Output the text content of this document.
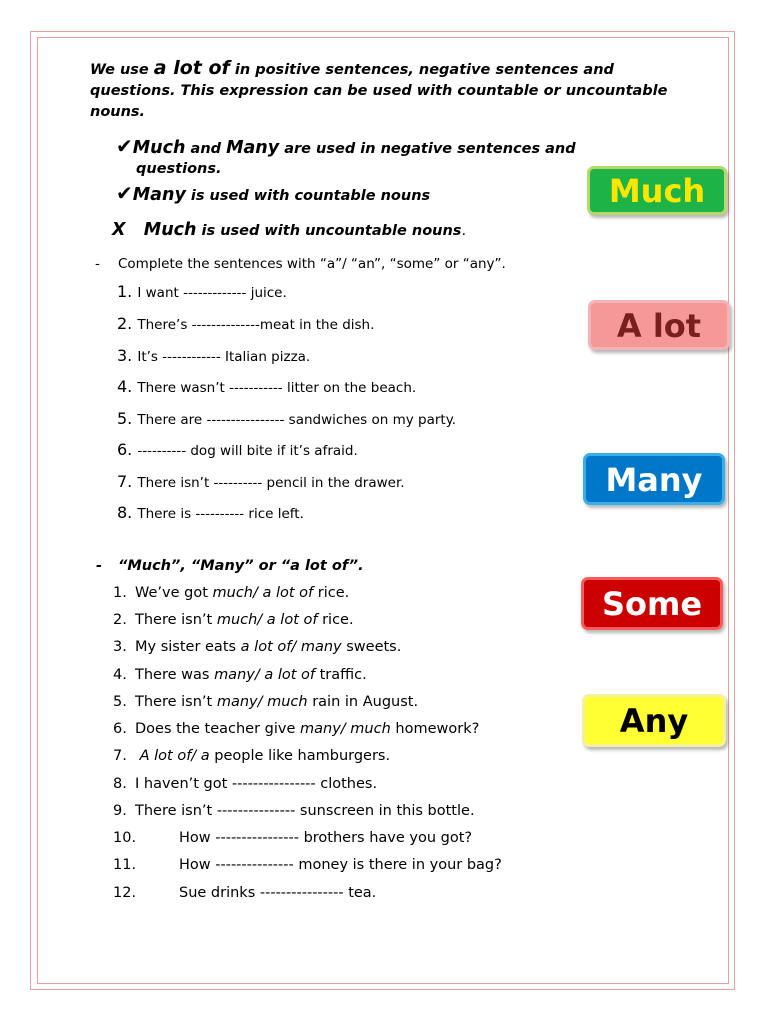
We use a lot of in positive sentences, negative sentences and questions. This expression can be used with countable or uncountable nouns.
✔Much and Many are used in negative sentences and
questions.
✔Many is used with countable nouns
X Much is used with uncountable nouns.
- Complete the sentences with “a”/ “an”, “some” or “any”.
1. I want ------------- juice.
2. There’s --------------meat in the dish.
3. It’s ------------ Italian pizza.
4. There wasn’t ----------- litter on the beach.
5. There are ---------------- sandwiches on my party.
6. ---------- dog will bite if it’s afraid.
7. There isn’t ---------- pencil in the drawer.
8. There is ---------- rice left.
- “Much”, “Many” or “a lot of”.
1. We’ve got much/ a lot of rice.
2. There isn’t much/ a lot of rice.
3. My sister eats a lot of/ many sweets.
4. There was many/ a lot of traffic.
5. There isn’t many/ much rain in August.
6. Does the teacher give many/ much homework?
7. A lot of/ a people like hamburgers.
8. I haven’t got ---------------- clothes.
9. There isn’t --------------- sunscreen in this bottle.
10.	How ---------------- brothers have you got?
11.	How --------------- money is there in your bag?
12.	Sue drinks ---------------- tea.
Much
A lot
Many
Some
Any
